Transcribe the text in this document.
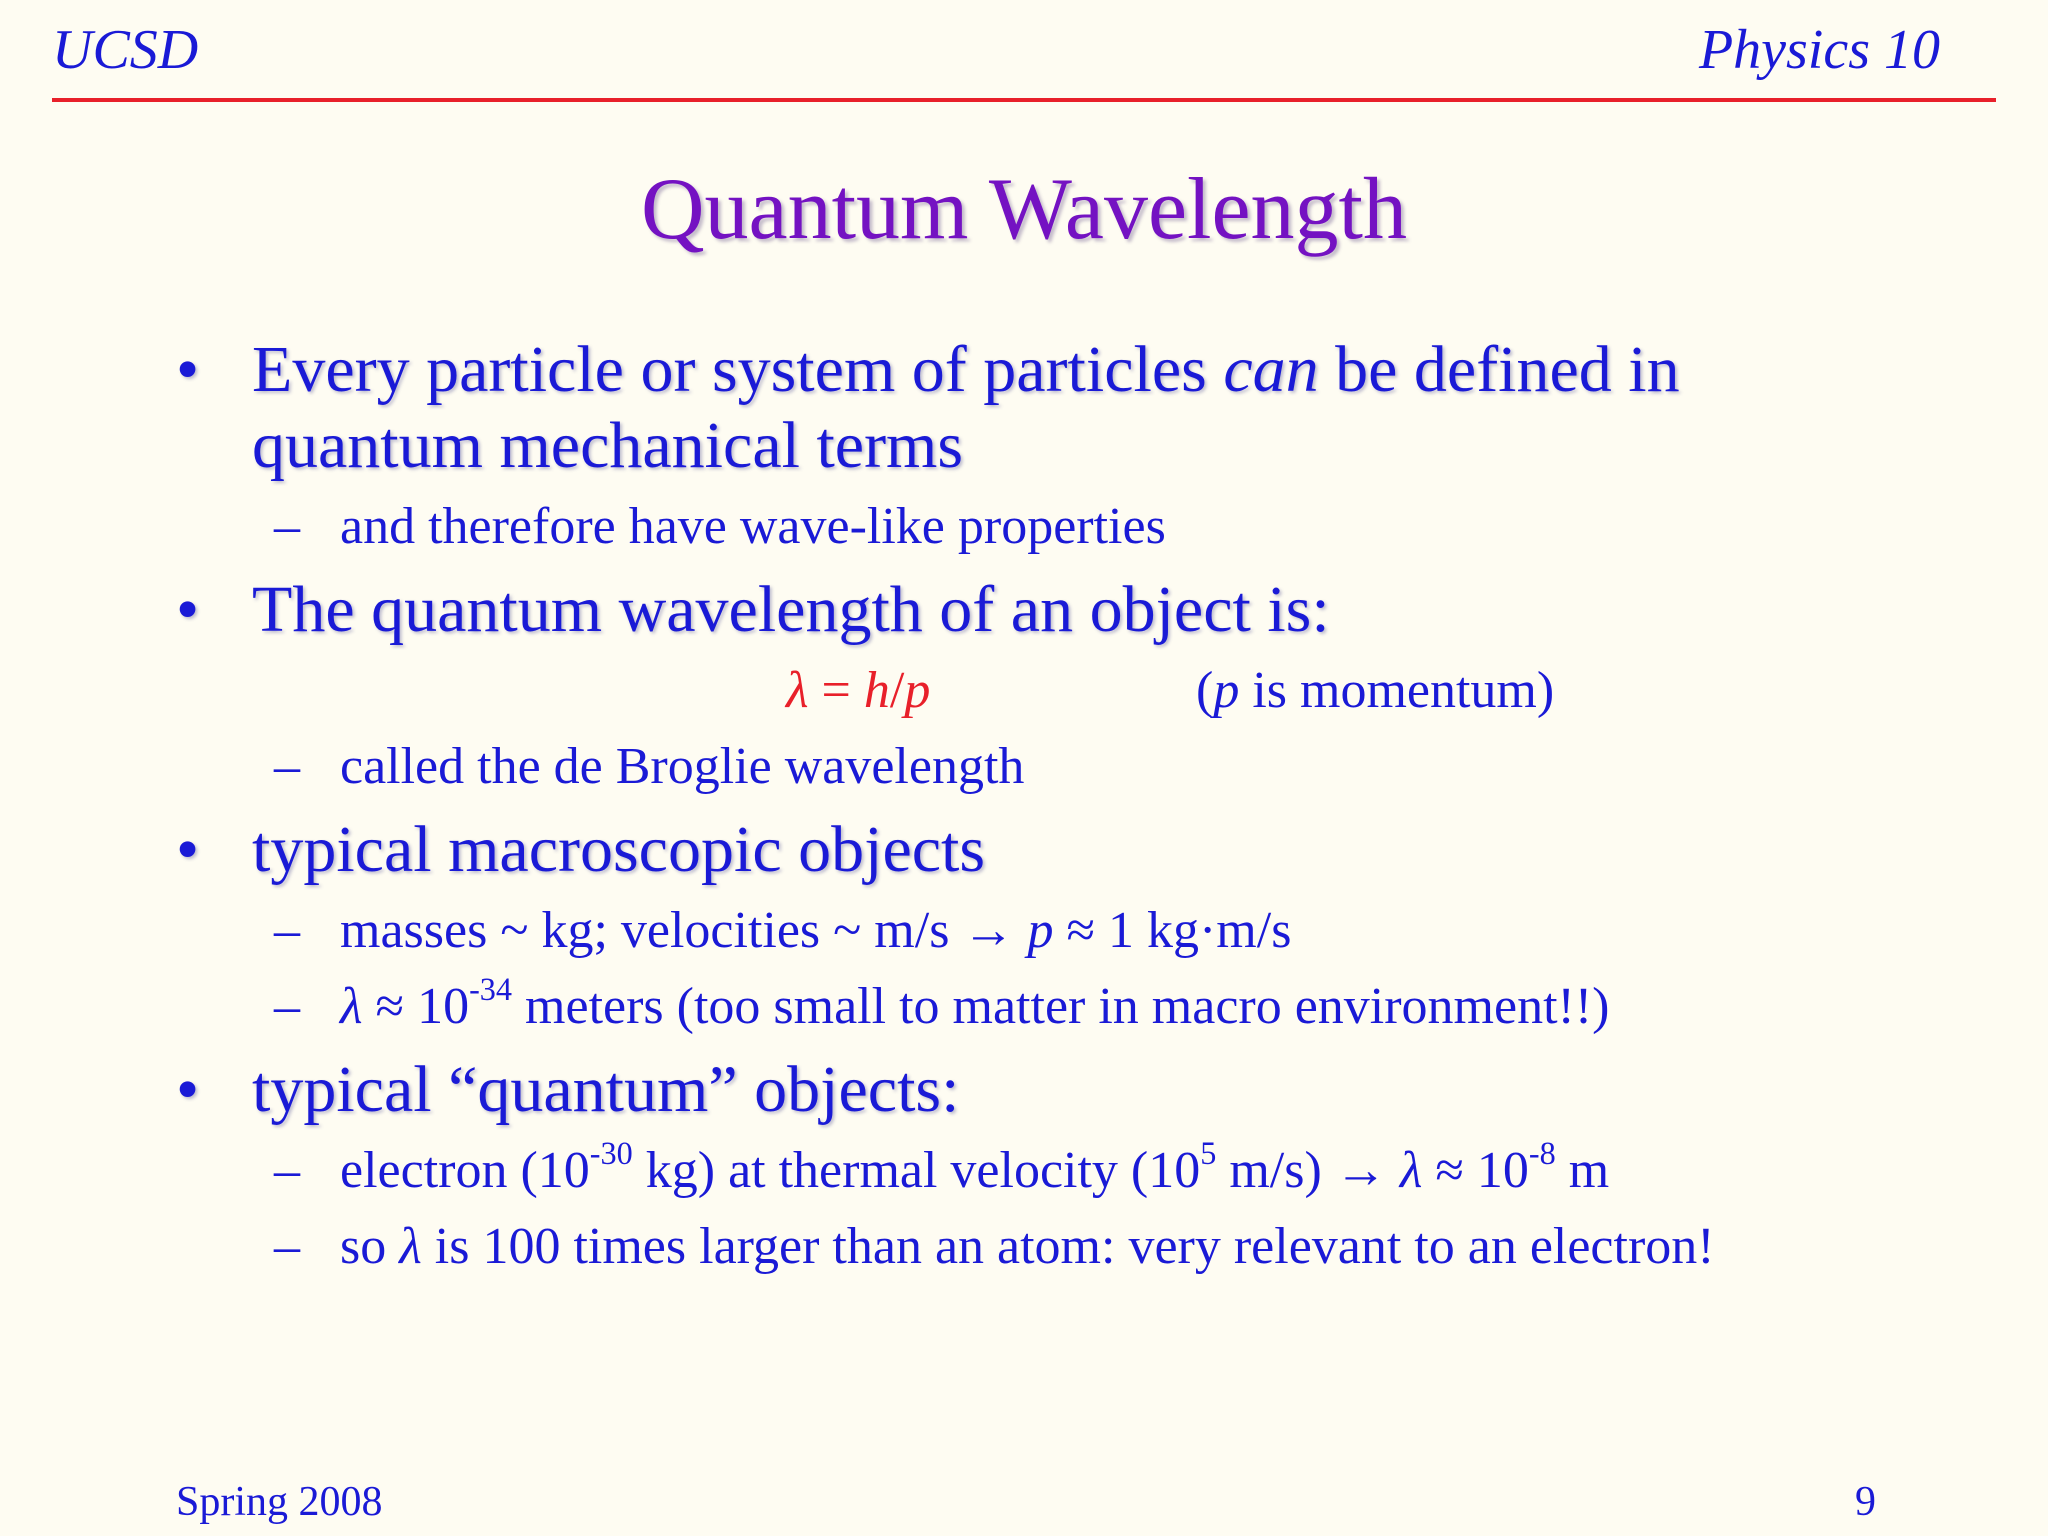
UCSD	Physics 10
Quantum Wavelength
• Every particle or system of particles can be defined in
quantum mechanical terms
– and therefore have wave-like properties
• The quantum wavelength of an object is:
λ = h/p	(p is momentum)
– called the de Broglie wavelength
• typical macroscopic objects
– masses ~ kg; velocities ~ m/s → p ≈ 1 kg·m/s
– $\lambda \approx 10^{-34}$ meters (too small to matter in macro environment!!)
• typical “quantum” objects:
– electron ($10^{-30}$ kg) at thermal velocity ($10^5$ $m/s) \to \lambda \approx 10^{-8}$ m
– so λ is 100 times larger than an atom: very relevant to an electron!
Spring 2008	9
